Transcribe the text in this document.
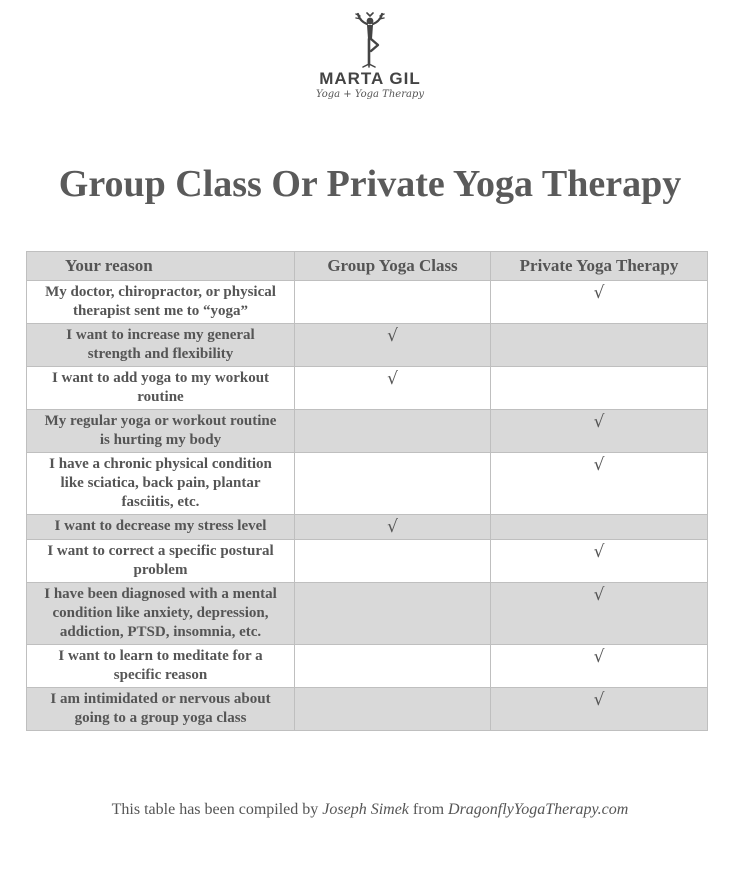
MARTA GIL
Yoga + Yoga Therapy
Group Class Or Private Yoga Therapy
Your reason	Group Yoga Class	Private Yoga Therapy
My doctor, chiropractor, or physical
therapist sent me to “yoga”		√
I want to increase my general
strength and flexibility	√	
I want to add yoga to my workout
routine	√	
My regular yoga or workout routine
is hurting my body		√
I have a chronic physical condition
like sciatica, back pain, plantar
fasciitis, etc.		√
I want to decrease my stress level	√	
I want to correct a specific postural
problem		√
I have been diagnosed with a mental
condition like anxiety, depression,
addiction, PTSD, insomnia, etc.		√
I want to learn to meditate for a
specific reason		√
I am intimidated or nervous about
going to a group yoga class		√
This table has been compiled by Joseph Simek from DragonflyYogaTherapy.com
